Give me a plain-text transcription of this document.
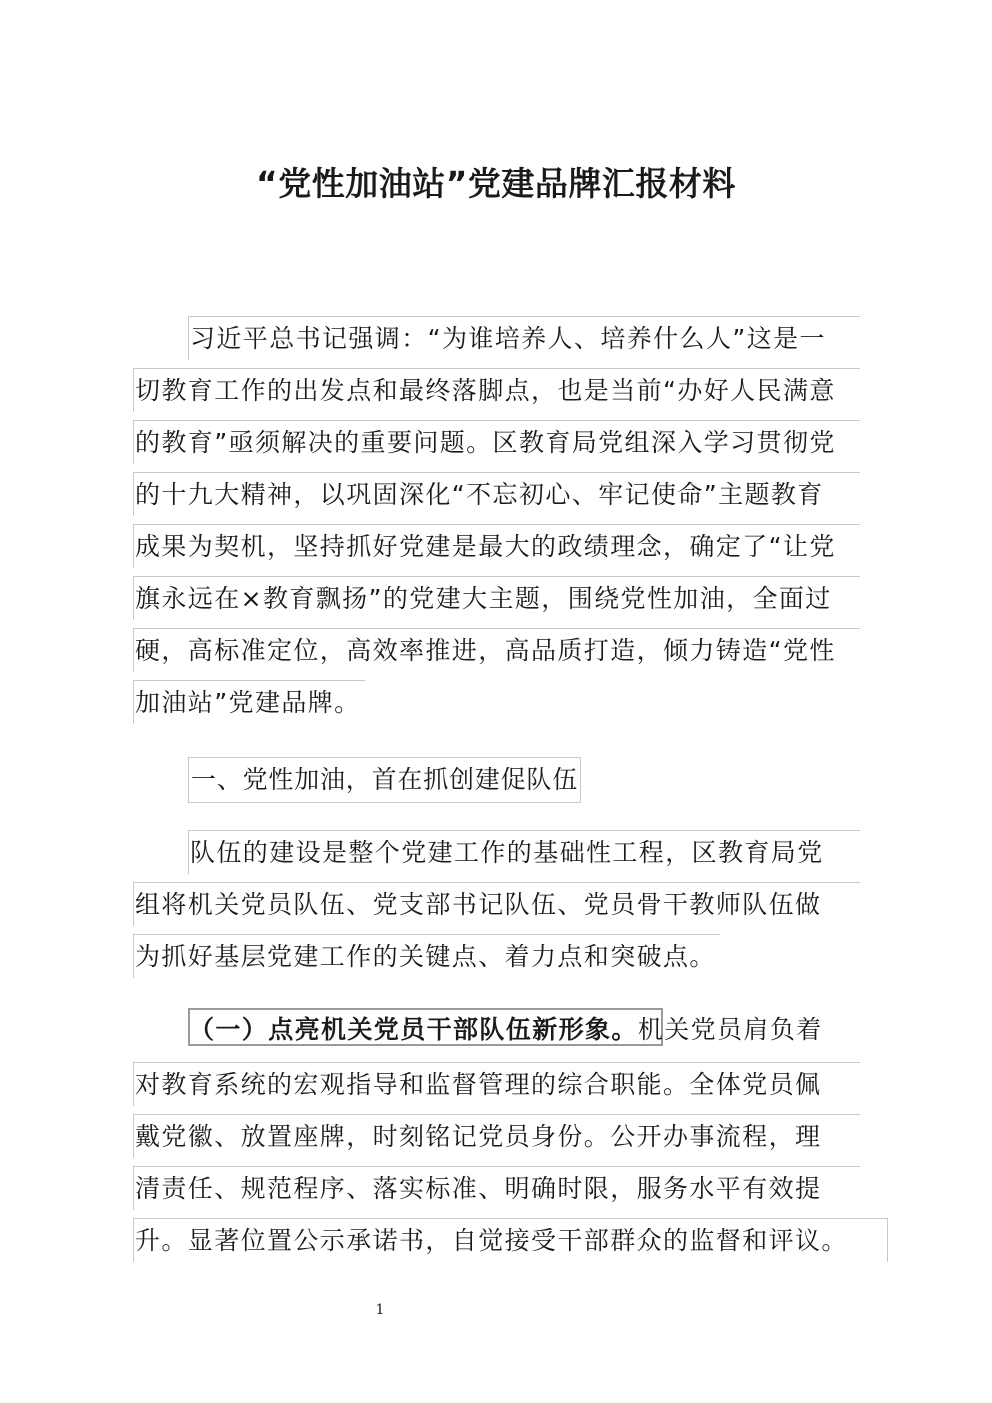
“党性加油站”党建品牌汇报材料
习近平总书记强调：“为谁培养人、培养什么人”这是一
切教育工作的出发点和最终落脚点，也是当前“办好人民满意
的教育”亟须解决的重要问题。区教育局党组深入学习贯彻党
的十九大精神，以巩固深化“不忘初心、牢记使命”主题教育
成果为契机，坚持抓好党建是最大的政绩理念，确定了“让党
旗永远在×教育飘扬”的党建大主题，围绕党性加油，全面过
硬，高标准定位，高效率推进，高品质打造，倾力铸造“党性
加油站”党建品牌。
一、党性加油，首在抓创建促队伍
队伍的建设是整个党建工作的基础性工程，区教育局党
组将机关党员队伍、党支部书记队伍、党员骨干教师队伍做
为抓好基层党建工作的关键点、着力点和突破点。
（一）点亮机关党员干部队伍新形象。机关党员肩负着
对教育系统的宏观指导和监督管理的综合职能。全体党员佩
戴党徽、放置座牌，时刻铭记党员身份。公开办事流程，理
清责任、规范程序、落实标准、明确时限，服务水平有效提
升。显著位置公示承诺书，自觉接受干部群众的监督和评议。
1
